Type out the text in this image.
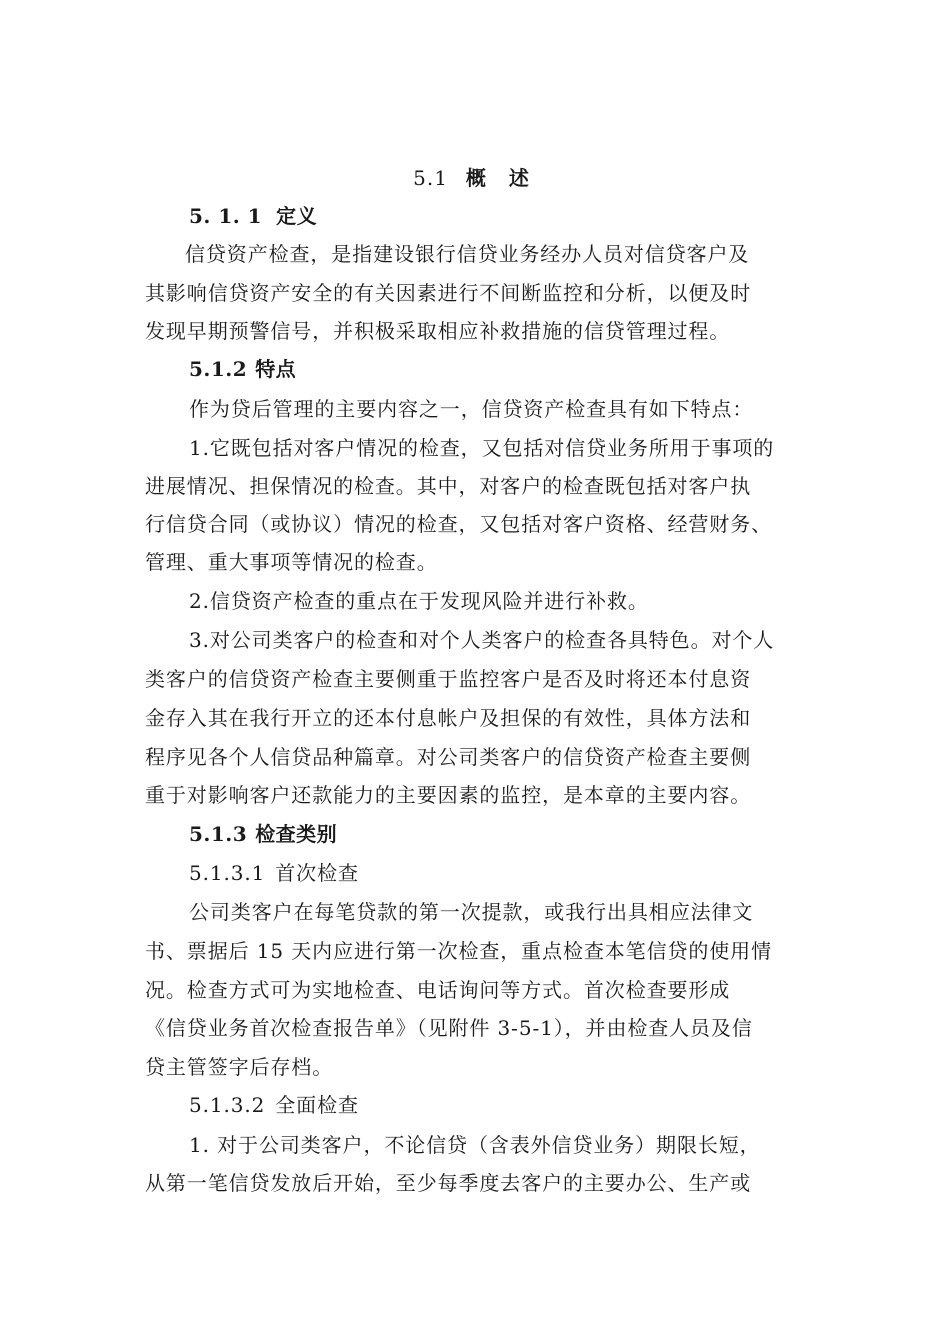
5.1 概 述
5. 1. 1 定义
信贷资产检查，是指建设银行信贷业务经办人员对信贷客户及
其影响信贷资产安全的有关因素进行不间断监控和分析，以便及时
发现早期预警信号，并积极采取相应补救措施的信贷管理过程。
5.1.2 特点
作为贷后管理的主要内容之一，信贷资产检查具有如下特点：
1.它既包括对客户情况的检查，又包括对信贷业务所用于事项的
进展情况、担保情况的检查。其中，对客户的检查既包括对客户执
行信贷合同（或协议）情况的检查，又包括对客户资格、经营财务、
管理、重大事项等情况的检查。
2.信贷资产检查的重点在于发现风险并进行补救。
3.对公司类客户的检查和对个人类客户的检查各具特色。对个人
类客户的信贷资产检查主要侧重于监控客户是否及时将还本付息资
金存入其在我行开立的还本付息帐户及担保的有效性，具体方法和
程序见各个人信贷品种篇章。对公司类客户的信贷资产检查主要侧
重于对影响客户还款能力的主要因素的监控，是本章的主要内容。
5.1.3 检查类别
5.1.3.1 首次检查
公司类客户在每笔贷款的第一次提款，或我行出具相应法律文
书、票据后 15 天内应进行第一次检查，重点检查本笔信贷的使用情
况。检查方式可为实地检查、电话询问等方式。首次检查要形成
《信贷业务首次检查报告单》（见附件 3-5-1），并由检查人员及信
贷主管签字后存档。
5.1.3.2 全面检查
1. 对于公司类客户，不论信贷（含表外信贷业务）期限长短，
从第一笔信贷发放后开始，至少每季度去客户的主要办公、生产或
